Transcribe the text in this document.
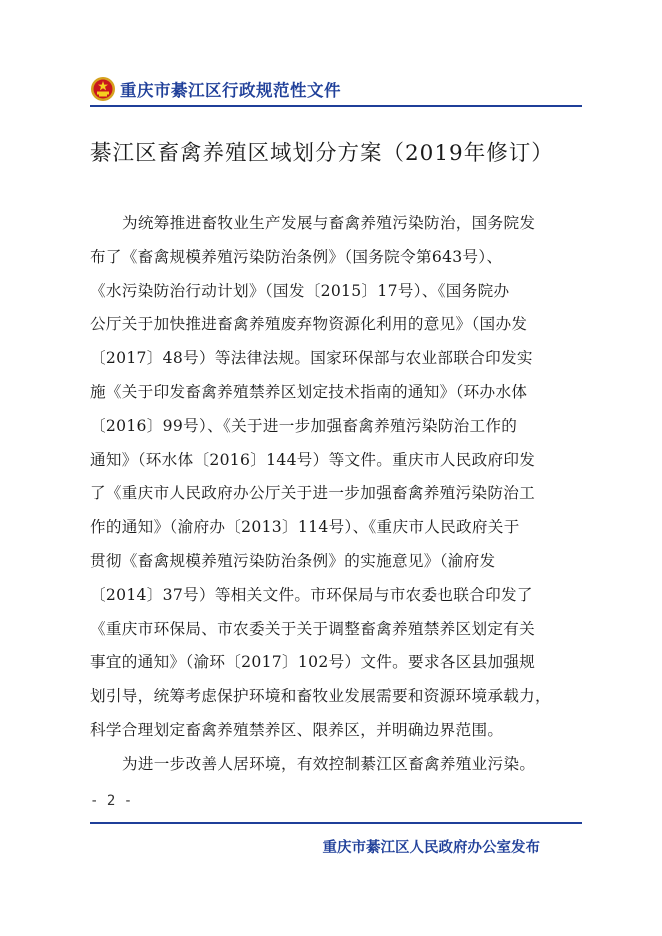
重庆市綦江区行政规范性文件
綦江区畜禽养殖区域划分方案（2019年修订）
为统筹推进畜牧业生产发展与畜禽养殖污染防治，国务院发
布了《畜禽规模养殖污染防治条例》（国务院令第643号）、
《水污染防治行动计划》（国发〔2015〕17号）、《国务院办
公厅关于加快推进畜禽养殖废弃物资源化利用的意见》（国办发
〔2017〕48号）等法律法规。国家环保部与农业部联合印发实
施《关于印发畜禽养殖禁养区划定技术指南的通知》（环办水体
〔2016〕99号）、《关于进一步加强畜禽养殖污染防治工作的
通知》（环水体〔2016〕144号）等文件。重庆市人民政府印发
了《重庆市人民政府办公厅关于进一步加强畜禽养殖污染防治工
作的通知》（渝府办〔2013〕114号）、《重庆市人民政府关于
贯彻《畜禽规模养殖污染防治条例》的实施意见》（渝府发
〔2014〕37号）等相关文件。市环保局与市农委也联合印发了
《重庆市环保局、市农委关于关于调整畜禽养殖禁养区划定有关
事宜的通知》（渝环〔2017〕102号）文件。要求各区县加强规
划引导，统筹考虑保护环境和畜牧业发展需要和资源环境承载力，
科学合理划定畜禽养殖禁养区、限养区，并明确边界范围。
为进一步改善人居环境，有效控制綦江区畜禽养殖业污染。
- 2 -
重庆市綦江区人民政府办公室发布
